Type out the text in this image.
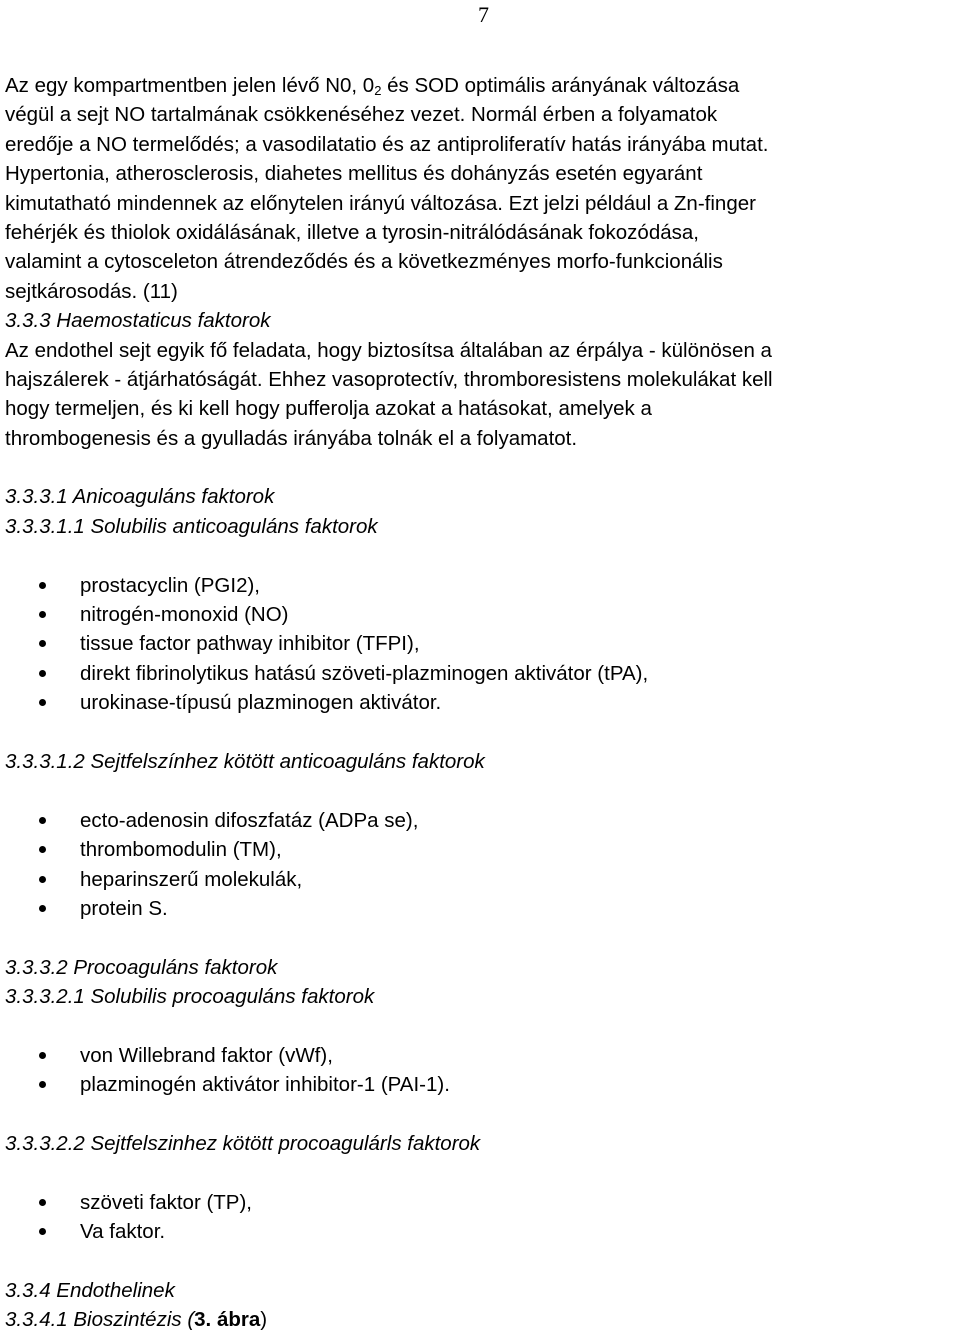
7
Az egy kompartmentben jelen lévő N0, $0_2$ és SOD optimális arányának változása
végül a sejt NO tartalmának csökkenéséhez vezet. Normál érben a folyamatok
eredője a NO termelődés; a vasodilatatio és az antiproliferatív hatás irányába mutat.
Hypertonia, atherosclerosis, diahetes mellitus és dohányzás esetén egyaránt
kimutatható mindennek az előnytelen irányú változása. Ezt jelzi például a Zn-finger
fehérjék és thiolok oxidálásának, illetve a tyrosin-nitrálódásának fokozódása,
valamint a cytosceleton átrendeződés és a következményes morfo-funkcionális
sejtkárosodás. (11)
3.3.3 Haemostaticus faktorok
Az endothel sejt egyik fő feladata, hogy biztosítsa általában az érpálya - különösen a
hajszálerek - átjárhatóságát. Ehhez vasoprotectív, thromboresistens molekulákat kell
hogy termeljen, és ki kell hogy pufferolja azokat a hatásokat, amelyek a
thrombogenesis és a gyulladás irányába tolnák el a folyamatot.
3.3.3.1 Anicoaguláns faktorok
3.3.3.1.1 Solubilis anticoaguláns faktorok
prostacyclin (PGI2),
nitrogén-monoxid (NO)
tissue factor pathway inhibitor (TFPI),
direkt fibrinolytikus hatású szöveti-plazminogen aktivátor (tPA),
urokinase-típusú plazminogen aktivátor.
3.3.3.1.2 Sejtfelszínhez kötött anticoaguláns faktorok
ecto-adenosin difoszfatáz (ADPa se),
thrombomodulin (TM),
heparinszerű molekulák,
protein S.
3.3.3.2 Procoaguláns faktorok
3.3.3.2.1 Solubilis procoaguláns faktorok
von Willebrand faktor (vWf),
plazminogén aktivátor inhibitor-1 (PAI-1).
3.3.3.2.2 Sejtfelszinhez kötött procoagulárls faktorok
szöveti faktor (TP),
Va faktor.
3.3.4 Endothelinek
3.3.4.1 Bioszintézis (3. ábra)
